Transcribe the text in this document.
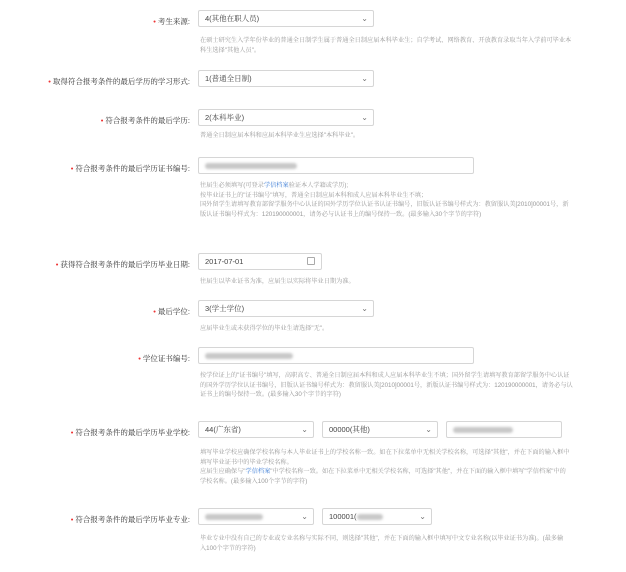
• 考生来源:	4(其他在职人员)	⌄
在硕士研究生入学年份毕业的普通全日制学生属于普通全日制应届本科毕业生；自学考试、网络教育、开放教育录取当年入学前可毕业本科生选择"其他人员"。
• 取得符合报考条件的最后学历的学习形式:	1(普通全日制)	⌄
• 符合报考条件的最后学历:	2(本科毕业)	⌄
普通全日制应届本科和应届本科毕业生应选择"本科毕业"。
• 符合报考条件的最后学历证书编号:
往届生必须填写(可登录学信档案验证本人学籍或学历);
按毕业证书上的"证书编号"填写，普通全日制应届本科和成人应届本科毕业生不填；
国外留学生请填写教育部留学服务中心认证的国外学历学位认证书认证书编号，旧版认证书编号样式为：教留服认美[2010]00001号，新版认证书编号样式为：120190000001，请务必与认证书上的编号保持一致。(最多输入30个字节的字符)
• 获得符合报考条件的最后学历毕业日期:	2017-07-01
往届生以毕业证书为准，应届生以实际将毕业日期为准。
• 最后学位:	3(学士学位)	⌄
应届毕业生或未获得学位的毕业生请选择"无"。
• 学位证书编号:
按学位证上的"证书编号"填写，高职高专、普通全日制应届本科和成人应届本科毕业生不填；国外留学生请填写教育部留学服务中心认证的国外学历学位认证书编号，旧版认证书编号样式为：教留服认美[2010]00001号，新版认证书编号样式为：120190000001，请务必与认证书上的编号保持一致。(最多输入30个字节的字符)
• 符合报考条件的最后学历毕业学校:	44(广东省)	⌄	00000(其他)	⌄
填写毕业学校应确保学校名称与本人毕业证书上的学校名称一致。如在下拉菜单中无相关学校名称，可选择"其他"，并在下面的输入框中填写毕业证书中的毕业学校名称。
应届生应确保与"学信档案"中学校名称一致。如在下拉菜单中无相关学校名称，可选择"其他"，并在下面的输入框中填写"学信档案"中的学校名称。(最多输入100个字节的字符)
• 符合报考条件的最后学历毕业专业:	⌄	100001(	⌄
毕业专业中没有自己的专业或专业名称与实际不同，则选择"其他"，并在下面的输入框中填写中文专业名称(以毕业证书为准)。(最多输入100个字节的字符)
